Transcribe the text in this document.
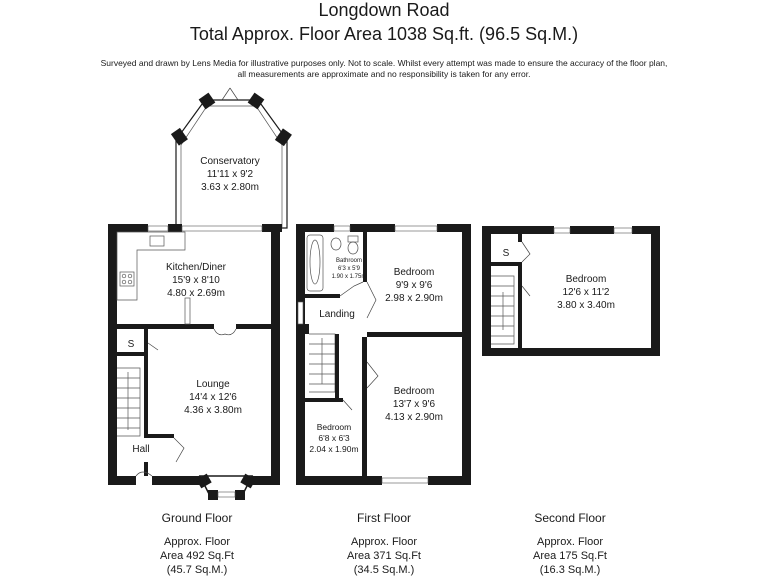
Longdown Road
Total Approx. Floor Area 1038 Sq.ft. (96.5 Sq.M.)
Surveyed and drawn by Lens Media for illustrative purposes only. Not to scale. Whilst every attempt was made to ensure the accuracy of the floor plan,
all measurements are approximate and no responsibility is taken for any error.
Conservatory
11'11 x 9'2
3.63 x 2.80m
Kitchen/Diner
15'9 x 8'10
4.80 x 2.69m
Lounge
14'4 x 12'6
4.36 x 3.80m
S
Hall
Bathroom
6'3 x 5'9
1.90 x 1.75m	Bedroom
9'9 x 9'6
2.98 x 2.90m
Landing
Bedroom
13'7 x 9'6
4.13 x 2.90m
Bedroom
6'8 x 6'3
2.04 x 1.90m
S
Bedroom
12'6 x 11'2
3.80 x 3.40m
Ground Floor
Approx. Floor
Area 492 Sq.Ft
(45.7 Sq.M.)
First Floor
Approx. Floor
Area 371 Sq.Ft
(34.5 Sq.M.)
Second Floor
Approx. Floor
Area 175 Sq.Ft
(16.3 Sq.M.)
